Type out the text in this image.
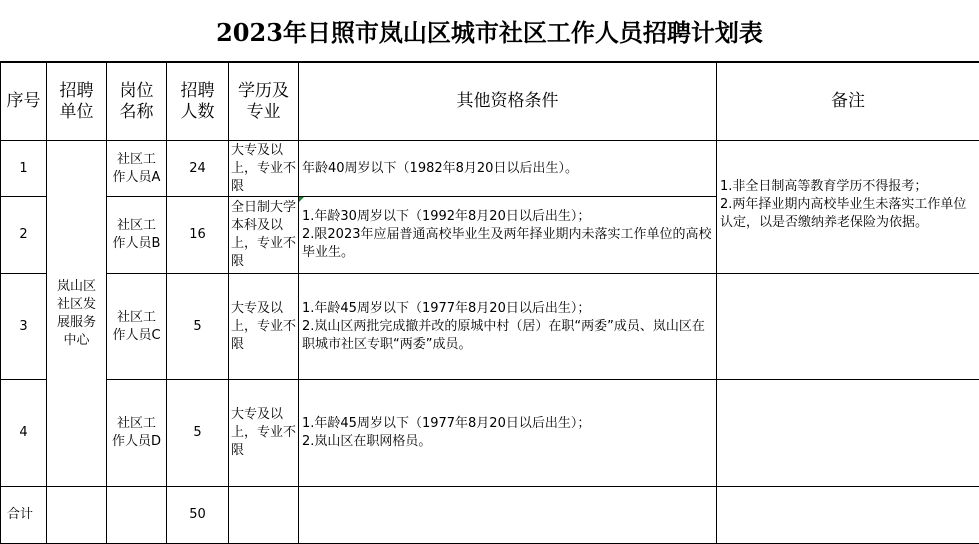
2023年日照市岚山区城市社区工作人员招聘计划表
序号	招聘单位	岗位名称	招聘人数	学历及专业	其他资格条件	备注
1	岚山区社区发展服务中心	社区工作人员A	24	大专及以上，专业不限	年龄40周岁以下（1982年8月20日以后出生）。	1.非全日制高等教育学历不得报考；
2.两年择业期内高校毕业生未落实工作单位认定，以是否缴纳养老保险为依据。

2		社区工作人员B	16	全日制大学本科及以上，专业不限	1.年龄30周岁以下（1992年8月20日以后出生）；
2.限2023年应届普通高校毕业生及两年择业期内未落实工作单位的高校毕业生。	
3		社区工作人员C	5	大专及以上，专业不限	1.年龄45周岁以下（1977年8月20日以后出生）；
2.岚山区两批完成撤并改的原城中村（居）在职“两委”成员、岚山区在职城市社区专职“两委”成员。	
4		社区工作人员D	5	大专及以上，专业不限	1.年龄45周岁以下（1977年8月20日以后出生）；
2.岚山区在职网格员。	
合计			50			
